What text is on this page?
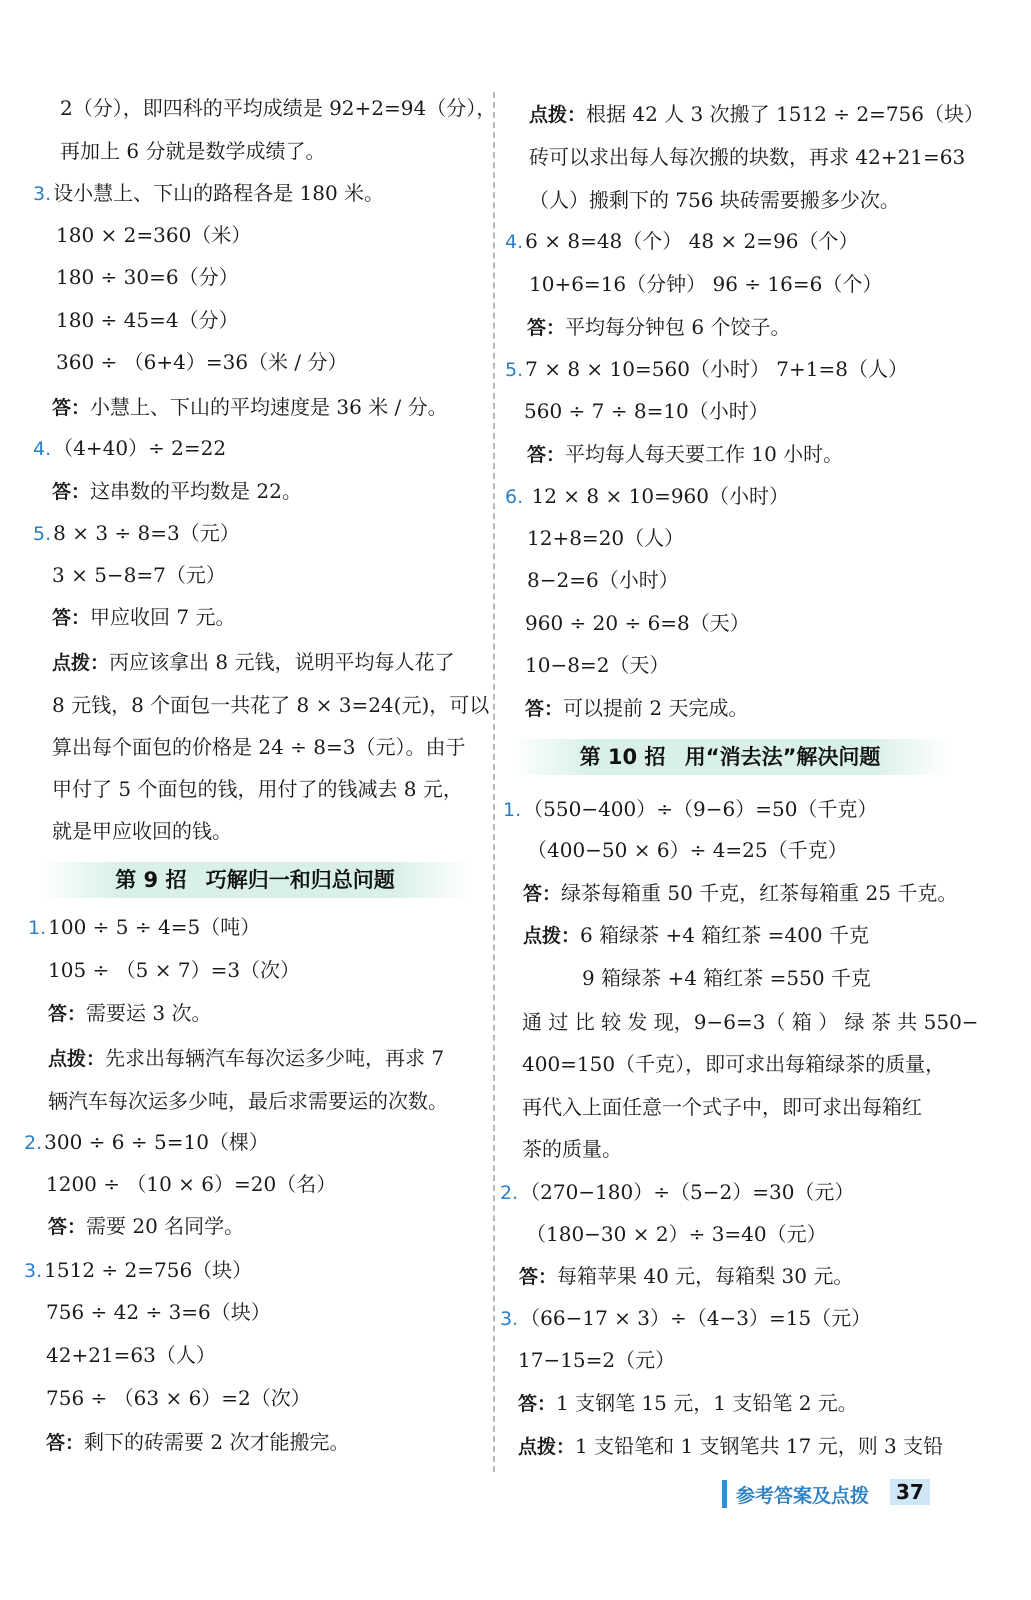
2（分），即四科的平均成绩是 92+2=94（分），
再加上 6 分就是数学成绩了。
3. 设小慧上、下山的路程各是 180 米。
180 × 2=360（米）
180 ÷ 30=6（分）
180 ÷ 45=4（分）
360 ÷ （6+4）=36（米 / 分）
答：小慧上、下山的平均速度是 36 米 / 分。
4. （4+40）÷ 2=22
答：这串数的平均数是 22。
5. 8 × 3 ÷ 8=3（元）
3 × 5−8=7（元）
答：甲应收回 7 元。
点拨：丙应该拿出 8 元钱，说明平均每人花了
8 元钱，8 个面包一共花了 8 × 3=24(元)，可以
算出每个面包的价格是 24 ÷ 8=3（元）。由于
甲付了 5 个面包的钱，用付了的钱减去 8 元，
就是甲应收回的钱。
1. 100 ÷ 5 ÷ 4=5（吨）
105 ÷ （5 × 7）=3（次）
答：需要运 3 次。
点拨：先求出每辆汽车每次运多少吨，再求 7
辆汽车每次运多少吨，最后求需要运的次数。
2. 300 ÷ 6 ÷ 5=10（棵）
1200 ÷ （10 × 6）=20（名）
答：需要 20 名同学。
3. 1512 ÷ 2=756（块）
756 ÷ 42 ÷ 3=6（块）
42+21=63（人）
756 ÷ （63 × 6）=2（次）
答：剩下的砖需要 2 次才能搬完。
点拨：根据 42 人 3 次搬了 1512 ÷ 2=756（块）
砖可以求出每人每次搬的块数，再求 42+21=63
（人）搬剩下的 756 块砖需要搬多少次。
4. 6 × 8=48（个） 48 × 2=96（个）
10+6=16（分钟） 96 ÷ 16=6（个）
答：平均每分钟包 6 个饺子。
5. 7 × 8 × 10=560（小时） 7+1=8（人）
560 ÷ 7 ÷ 8=10（小时）
答：平均每人每天要工作 10 小时。
6. 12 × 8 × 10=960（小时）
12+8=20（人）
8−2=6（小时）
960 ÷ 20 ÷ 6=8（天）
10−8=2（天）
答：可以提前 2 天完成。
1. （550−400）÷（9−6）=50（千克）
（400−50 × 6）÷ 4=25（千克）
答：绿茶每箱重 50 千克，红茶每箱重 25 千克。
点拨：6 箱绿茶 +4 箱红茶 =400 千克
9 箱绿茶 +4 箱红茶 =550 千克
通 过 比 较 发 现，9−6=3（ 箱 ） 绿 茶 共 550−
400=150（千克），即可求出每箱绿茶的质量，
再代入上面任意一个式子中，即可求出每箱红
茶的质量。
2. （270−180）÷（5−2）=30（元）
（180−30 × 2）÷ 3=40（元）
答：每箱苹果 40 元，每箱梨 30 元。
3. （66−17 × 3）÷（4−3）=15（元）
17−15=2（元）
答：1 支钢笔 15 元，1 支铅笔 2 元。
点拨：1 支铅笔和 1 支钢笔共 17 元，则 3 支铅
第 9 招 巧解归一和归总问题
第 10 招 用“消去法”解决问题
参考答案及点拨	37
